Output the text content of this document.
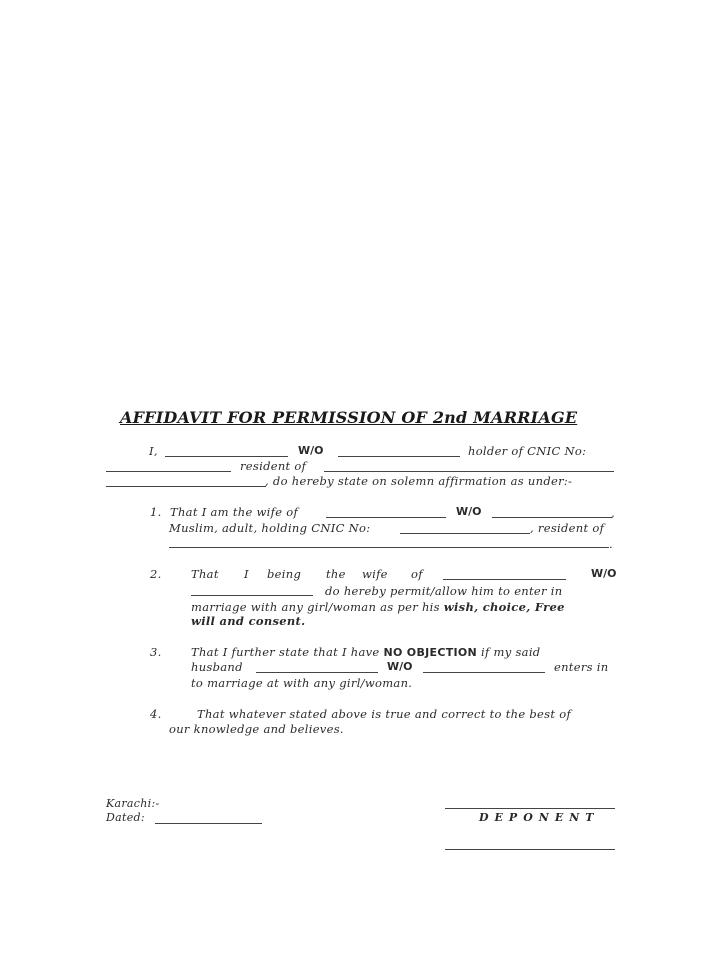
AFFIDAVIT FOR PERMISSION OF 2nd MARRIAGE
I,	W/O	holder of CNIC No:
resident of
, do hereby state on solemn affirmation as under:-
1. That I am the wife of	W/O	,
Muslim, adult, holding CNIC No:	, resident of
.
2.	That I being the wife of	W/O
do hereby permit/allow him to enter in
marriage with any girl/woman as per his wish, choice, Free
will and consent.
3.	That I further state that I have NO OBJECTION if my said
husband	W/O	enters in
to marriage at with any girl/woman.
4.	That whatever stated above is true and correct to the best of
our knowledge and believes.
Karachi:-
Dated:	DEPONENT
